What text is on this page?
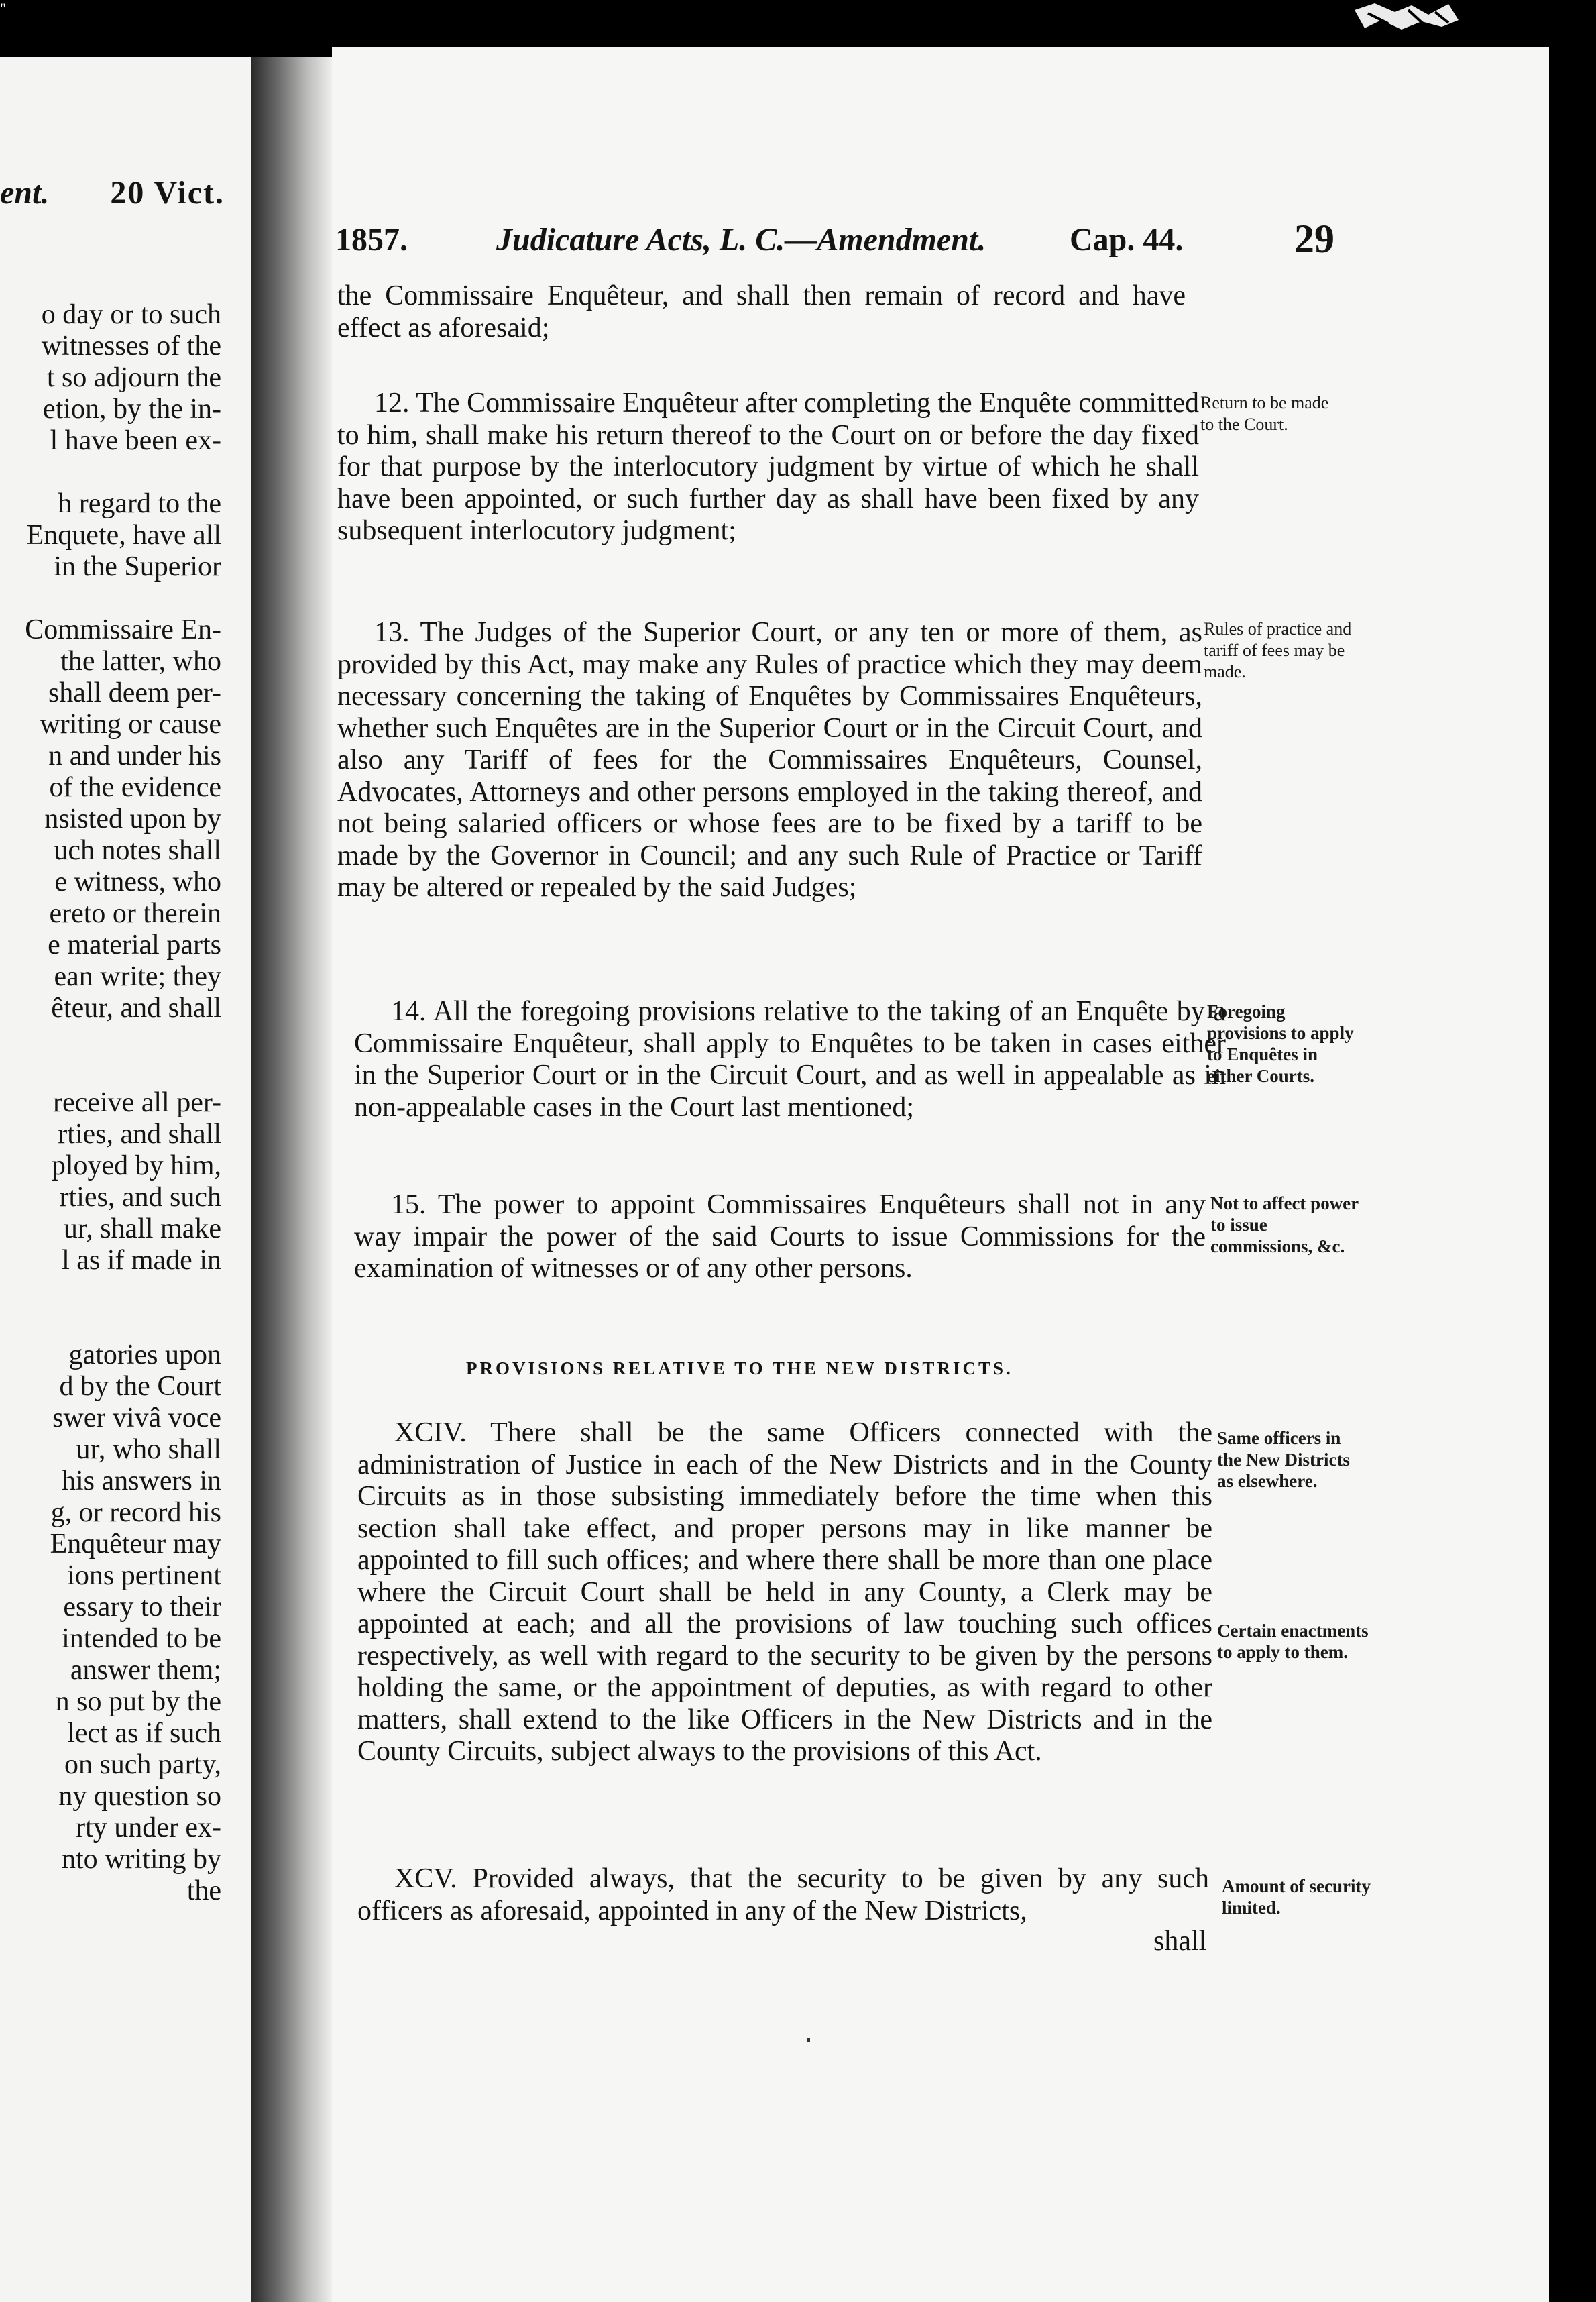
"
ent. 20 Vict.
o day or to such
witnesses of the
t so adjourn the
etion, by the in-
l have been ex-
h regard to the
Enquete, have all
in the Superior
Commissaire En-
the latter, who
shall deem per-
writing or cause
n and under his
of the evidence
nsisted upon by
uch notes shall
e witness, who
ereto or therein
e material parts
ean write; they
êteur, and shall
receive all per-
rties, and shall
ployed by him,
rties, and such
ur, shall make
l as if made in
gatories upon
d by the Court
swer vivâ voce
ur, who shall
his answers in
g, or record his
Enquêteur may
ions pertinent
essary to their
intended to be
answer them;
n so put by the
lect as if such
on such party,
ny question so
rty under ex-
nto writing by
the
1857.	Judicature Acts, L. C.—Amendment.	Cap. 44.	29

the Commissaire Enquêteur, and shall then remain of record and have effect as aforesaid;

12. The Commissaire Enquêteur after completing the Enquête committed to him, shall make his return thereof to the Court on or before the day fixed for that purpose by the interlocutory judgment by virtue of which he shall have been appointed, or such further day as shall have been fixed by any subsequent interlocutory judgment;

Return to be made to the Court.

13. The Judges of the Superior Court, or any ten or more of them, as provided by this Act, may make any Rules of practice which they may deem necessary concerning the taking of Enquêtes by Commissaires Enquêteurs, whether such Enquêtes are in the Superior Court or in the Circuit Court, and also any Tariff of fees for the Commissaires Enquêteurs, Counsel, Advocates, Attorneys and other persons employed in the taking thereof, and not being salaried officers or whose fees are to be fixed by a tariff to be made by the Governor in Council; and any such Rule of Practice or Tariff may be altered or repealed by the said Judges;

Rules of practice and tariff of fees may be made.

14. All the foregoing provisions relative to the taking of an Enquête by a Commissaire Enquêteur, shall apply to Enquêtes to be taken in cases either in the Superior Court or in the Circuit Court, and as well in appealable as in non-appealable cases in the Court last mentioned;

Foregoing provisions to apply to Enquêtes in either Courts.

15. The power to appoint Commissaires Enquêteurs shall not in any way impair the power of the said Courts to issue Commissions for the examination of witnesses or of any other persons.

Not to affect power to issue commissions, &c.
PROVISIONS RELATIVE TO THE NEW DISTRICTS.

XCIV. There shall be the same Officers connected with the administration of Justice in each of the New Districts and in the County Circuits as in those subsisting immediately before the time when this section shall take effect, and proper persons may in like manner be appointed to fill such offices; and where there shall be more than one place where the Circuit Court shall be held in any County, a Clerk may be appointed at each; and all the provisions of law touching such offices respectively, as well with regard to the security to be given by the persons holding the same, or the appointment of deputies, as with regard to other matters, shall extend to the like Officers in the New Districts and in the County Circuits, subject always to the provisions of this Act.

Same officers in the New Districts as elsewhere.
Certain enactments to apply to them.

XCV. Provided always, that the security to be given by any such officers as aforesaid, appointed in any of the New Districts,

Amount of security limited.
shall
